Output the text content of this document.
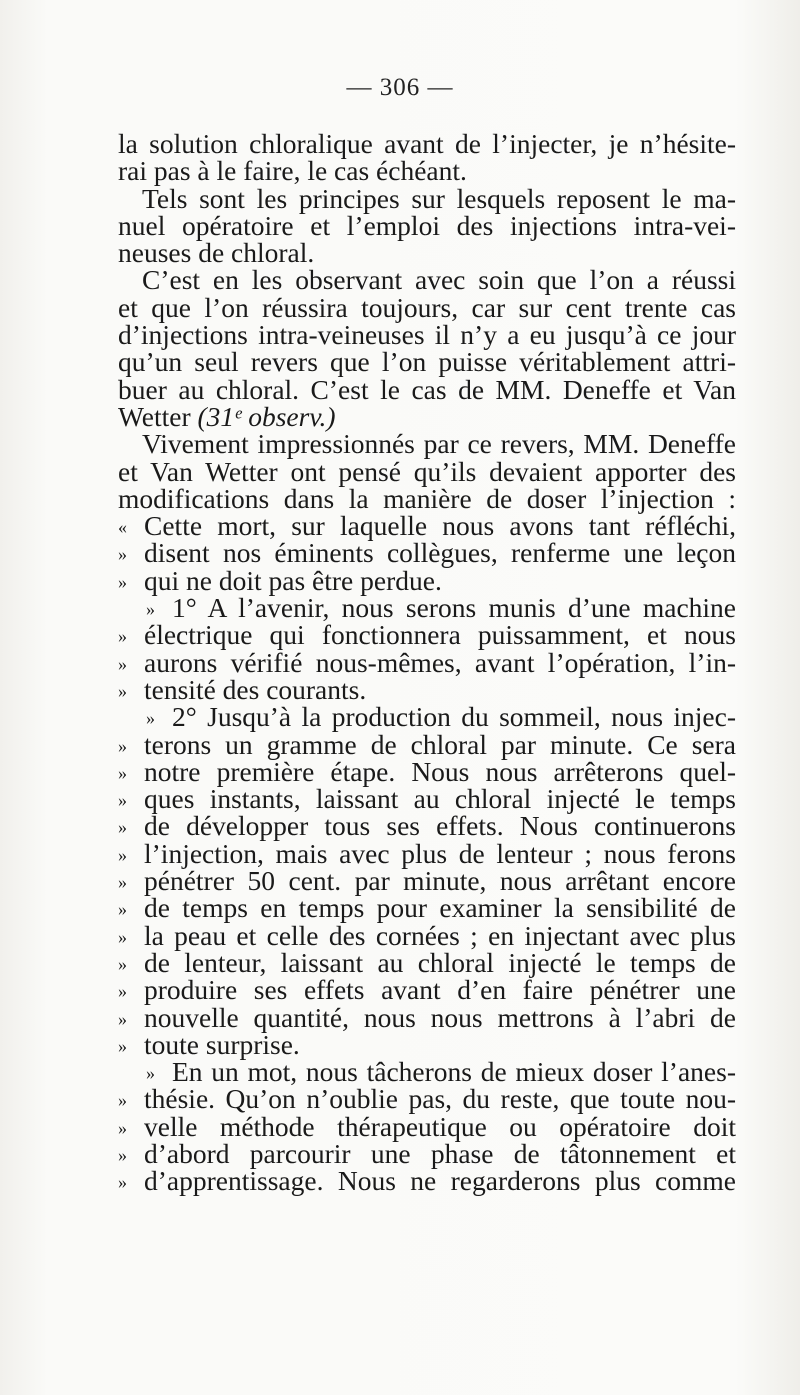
— 306 —
la solution chloralique avant de l’injecter, je n’hésite-
rai pas à le faire, le cas échéant.
Tels sont les principes sur lesquels reposent le ma-
nuel opératoire et l’emploi des injections intra-vei-
neuses de chloral.
C’est en les observant avec soin que l’on a réussi
et que l’on réussira toujours, car sur cent trente cas
d’injections intra-veineuses il n’y a eu jusqu’à ce jour
qu’un seul revers que l’on puisse véritablement attri-
buer au chloral. C’est le cas de MM. Deneffe et Van
Wetter (31ᵉ observ.)
Vivement impressionnés par ce revers, MM. Deneffe
et Van Wetter ont pensé qu’ils devaient apporter des
modifications dans la manière de doser l’injection :
« Cette mort, sur laquelle nous avons tant réfléchi,
» disent nos éminents collègues, renferme une leçon
» qui ne doit pas être perdue.
» 1° A l’avenir, nous serons munis d’une machine
» électrique qui fonctionnera puissamment, et nous
» aurons vérifié nous-mêmes, avant l’opération, l’in-
» tensité des courants.
» 2° Jusqu’à la production du sommeil, nous injec-
» terons un gramme de chloral par minute. Ce sera
» notre première étape. Nous nous arrêterons quel-
» ques instants, laissant au chloral injecté le temps
» de développer tous ses effets. Nous continuerons
» l’injection, mais avec plus de lenteur ; nous ferons
» pénétrer 50 cent. par minute, nous arrêtant encore
» de temps en temps pour examiner la sensibilité de
» la peau et celle des cornées ; en injectant avec plus
» de lenteur, laissant au chloral injecté le temps de
» produire ses effets avant d’en faire pénétrer une
» nouvelle quantité, nous nous mettrons à l’abri de
» toute surprise.
» En un mot, nous tâcherons de mieux doser l’anes-
» thésie. Qu’on n’oublie pas, du reste, que toute nou-
» velle méthode thérapeutique ou opératoire doit
» d’abord parcourir une phase de tâtonnement et
» d’apprentissage. Nous ne regarderons plus comme
